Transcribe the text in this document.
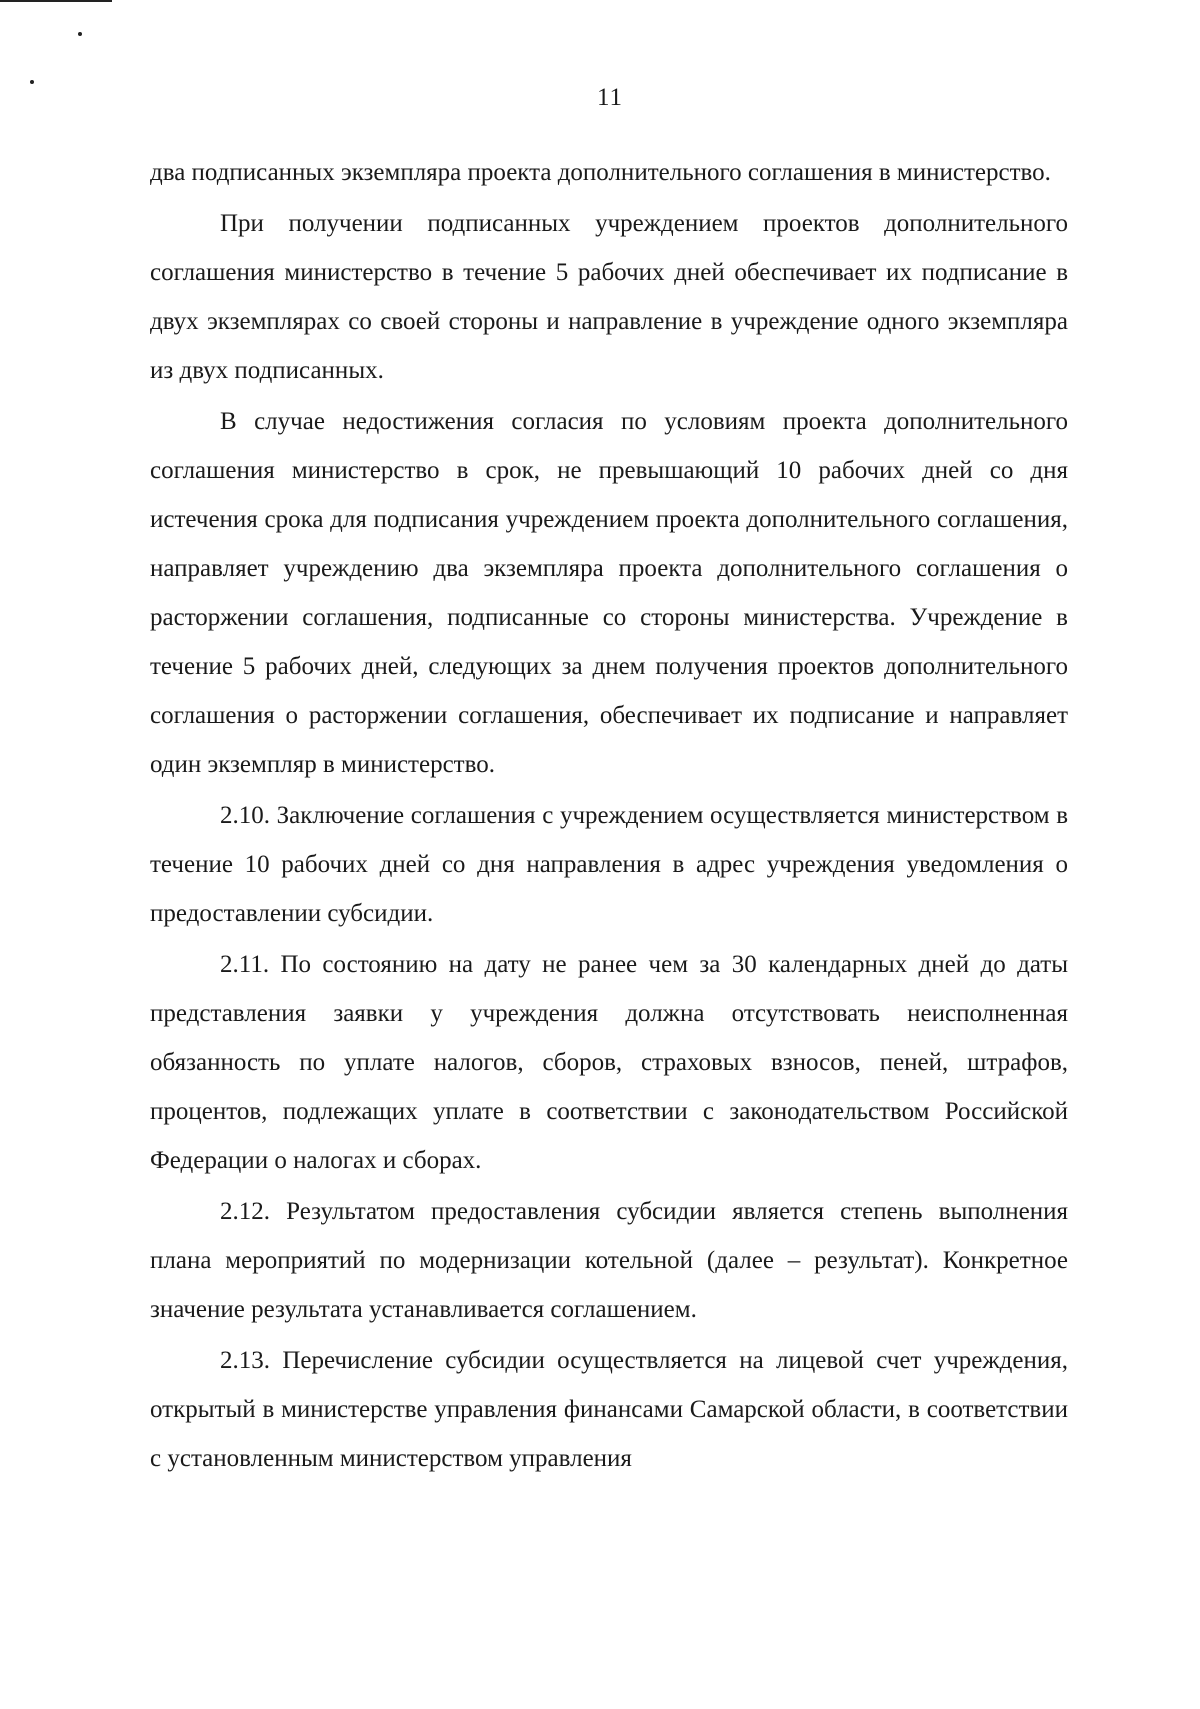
11

два подписанных экземпляра проекта дополнительного соглашения в министерство.

При получении подписанных учреждением проектов дополнительного соглашения министерство в течение 5 рабочих дней обеспечивает их подписание в двух экземплярах со своей стороны и направление в учреждение одного экземпляра из двух подписанных.

В случае недостижения согласия по условиям проекта дополнительного соглашения министерство в срок, не превышающий 10 рабочих дней со дня истечения срока для подписания учреждением проекта дополнительного соглашения, направляет учреждению два экземпляра проекта дополнительного соглашения о расторжении соглашения, подписанные со стороны министерства. Учреждение в течение 5 рабочих дней, следующих за днем получения проектов дополнительного соглашения о расторжении соглашения, обеспечивает их подписание и направляет один экземпляр в министерство.

2.10. Заключение соглашения с учреждением осуществляется министерством в течение 10 рабочих дней со дня направления в адрес учреждения уведомления о предоставлении субсидии.

2.11. По состоянию на дату не ранее чем за 30 календарных дней до даты представления заявки у учреждения должна отсутствовать неисполненная обязанность по уплате налогов, сборов, страховых взносов, пеней, штрафов, процентов, подлежащих уплате в соответствии с законодательством Российской Федерации о налогах и сборах.

2.12. Результатом предоставления субсидии является степень выполнения плана мероприятий по модернизации котельной (далее – результат). Конкретное значение результата устанавливается соглашением.

2.13. Перечисление субсидии осуществляется на лицевой счет учреждения, открытый в министерстве управления финансами Самарской области, в соответствии с установленным министерством управления
